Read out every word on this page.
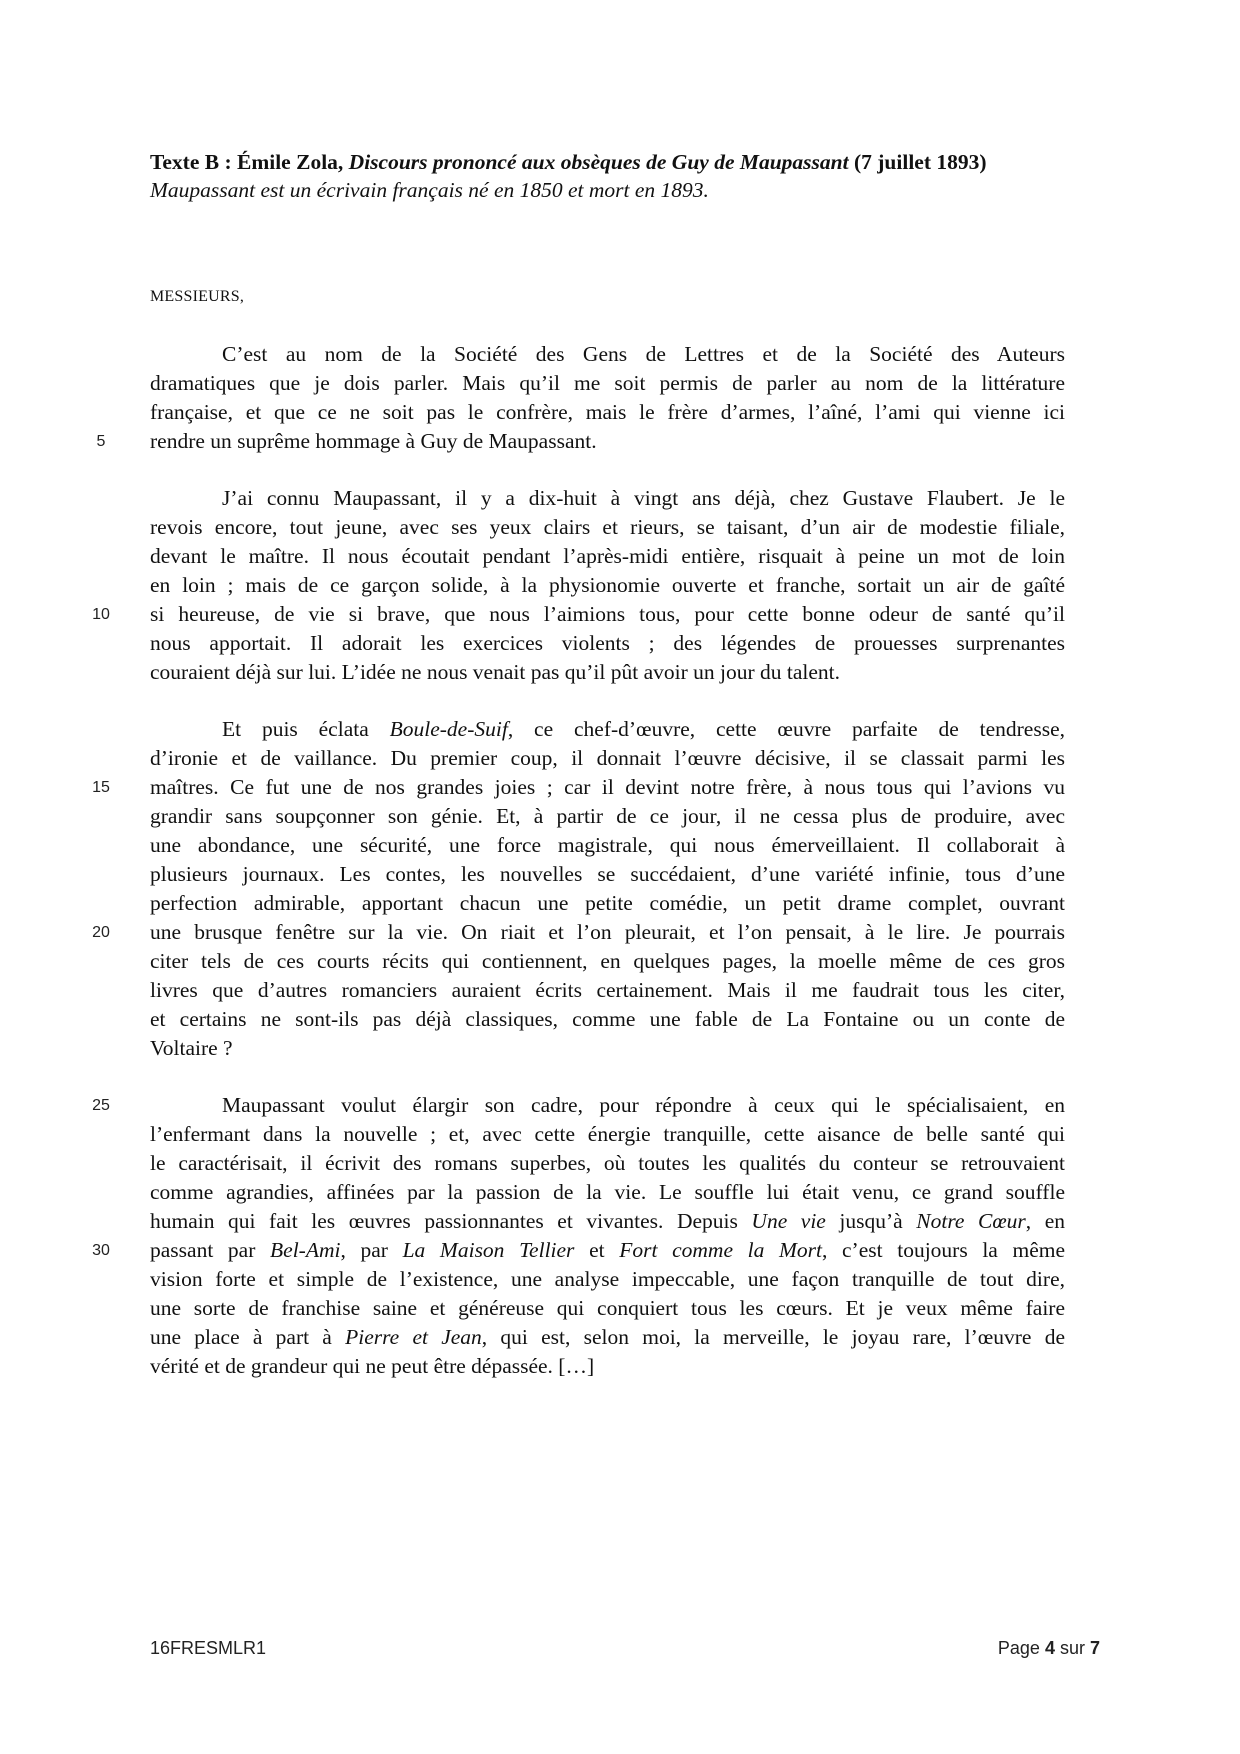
Texte B : Émile Zola, Discours prononcé aux obsèques de Guy de Maupassant (7 juillet 1893)

Maupassant est un écrivain français né en 1850 et mort en 1893.

MESSIEURS,
C’est au nom de la Société des Gens de Lettres et de la Société des Auteurs
dramatiques que je dois parler. Mais qu’il me soit permis de parler au nom de la littérature
française, et que ce ne soit pas le confrère, mais le frère d’armes, l’aîné, l’ami qui vienne ici
rendre un suprême hommage à Guy de Maupassant.
J’ai connu Maupassant, il y a dix-huit à vingt ans déjà, chez Gustave Flaubert. Je le
revois encore, tout jeune, avec ses yeux clairs et rieurs, se taisant, d’un air de modestie filiale,
devant le maître. Il nous écoutait pendant l’après-midi entière, risquait à peine un mot de loin
en loin ; mais de ce garçon solide, à la physionomie ouverte et franche, sortait un air de gaîté
si heureuse, de vie si brave, que nous l’aimions tous, pour cette bonne odeur de santé qu’il
nous apportait. Il adorait les exercices violents ; des légendes de prouesses surprenantes
couraient déjà sur lui. L’idée ne nous venait pas qu’il pût avoir un jour du talent.
Et puis éclata Boule-de-Suif, ce chef-d’œuvre, cette œuvre parfaite de tendresse,
d’ironie et de vaillance. Du premier coup, il donnait l’œuvre décisive, il se classait parmi les
maîtres. Ce fut une de nos grandes joies ; car il devint notre frère, à nous tous qui l’avions vu
grandir sans soupçonner son génie. Et, à partir de ce jour, il ne cessa plus de produire, avec
une abondance, une sécurité, une force magistrale, qui nous émerveillaient. Il collaborait à
plusieurs journaux. Les contes, les nouvelles se succédaient, d’une variété infinie, tous d’une
perfection admirable, apportant chacun une petite comédie, un petit drame complet, ouvrant
une brusque fenêtre sur la vie. On riait et l’on pleurait, et l’on pensait, à le lire. Je pourrais
citer tels de ces courts récits qui contiennent, en quelques pages, la moelle même de ces gros
livres que d’autres romanciers auraient écrits certainement. Mais il me faudrait tous les citer,
et certains ne sont-ils pas déjà classiques, comme une fable de La Fontaine ou un conte de
Voltaire ?
Maupassant voulut élargir son cadre, pour répondre à ceux qui le spécialisaient, en
l’enfermant dans la nouvelle ; et, avec cette énergie tranquille, cette aisance de belle santé qui
le caractérisait, il écrivit des romans superbes, où toutes les qualités du conteur se retrouvaient
comme agrandies, affinées par la passion de la vie. Le souffle lui était venu, ce grand souffle
humain qui fait les œuvres passionnantes et vivantes. Depuis Une vie jusqu’à Notre Cœur, en
passant par Bel-Ami, par La Maison Tellier et Fort comme la Mort, c’est toujours la même
vision forte et simple de l’existence, une analyse impeccable, une façon tranquille de tout dire,
une sorte de franchise saine et généreuse qui conquiert tous les cœurs. Et je veux même faire
une place à part à Pierre et Jean, qui est, selon moi, la merveille, le joyau rare, l’œuvre de
vérité et de grandeur qui ne peut être dépassée. […]
5
10
15
20
25
30
16FRESMLR1	Page 4 sur 7
